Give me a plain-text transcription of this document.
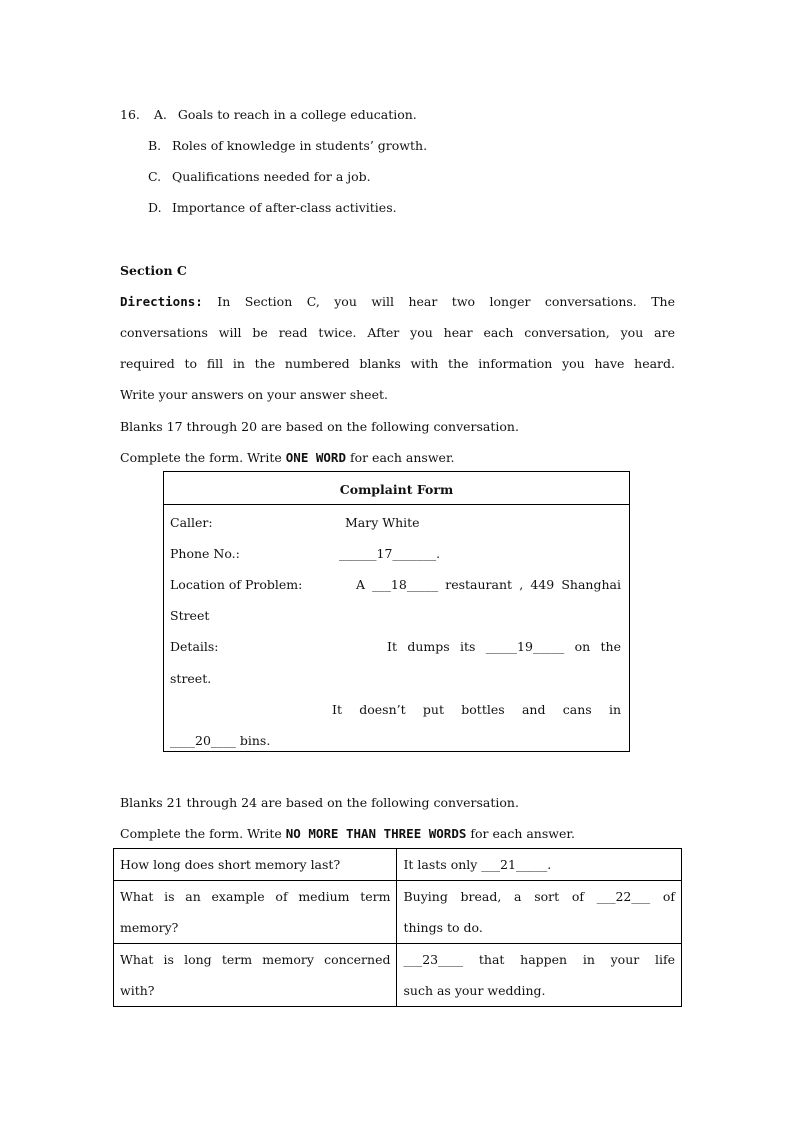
16. A. Goals to reach in a college education.
B. Roles of knowledge in students’ growth.
C. Qualifications needed for a job.
D. Importance of after-class activities.
Section C
Directions: In Section C, you will hear two longer conversations. The
conversations will be read twice. After you hear each conversation, you are
required to fill in the numbered blanks with the information you have heard.
Write your answers on your answer sheet.
Blanks 17 through 20 are based on the following conversation.
Complete the form. Write ONE WORD for each answer.
Complaint Form
Caller:	Mary White
Phone No.:	______17_______.
Location of Problem:	A ___18_____ restaurant , 449 Shanghai
Street
Details:	It dumps its _____19_____ on the
street.
It doesn’t put bottles and cans in
____20____ bins.
Blanks 21 through 24 are based on the following conversation.
Complete the form. Write NO MORE THAN THREE WORDS for each answer.
How long does short memory last?	It lasts only ___21_____.

What is an example of medium term
memory?	Buying bread, a sort of ___22___ of
things to do.

What is long term memory concerned
with?	___23____ that happen in your life
such as your wedding.
